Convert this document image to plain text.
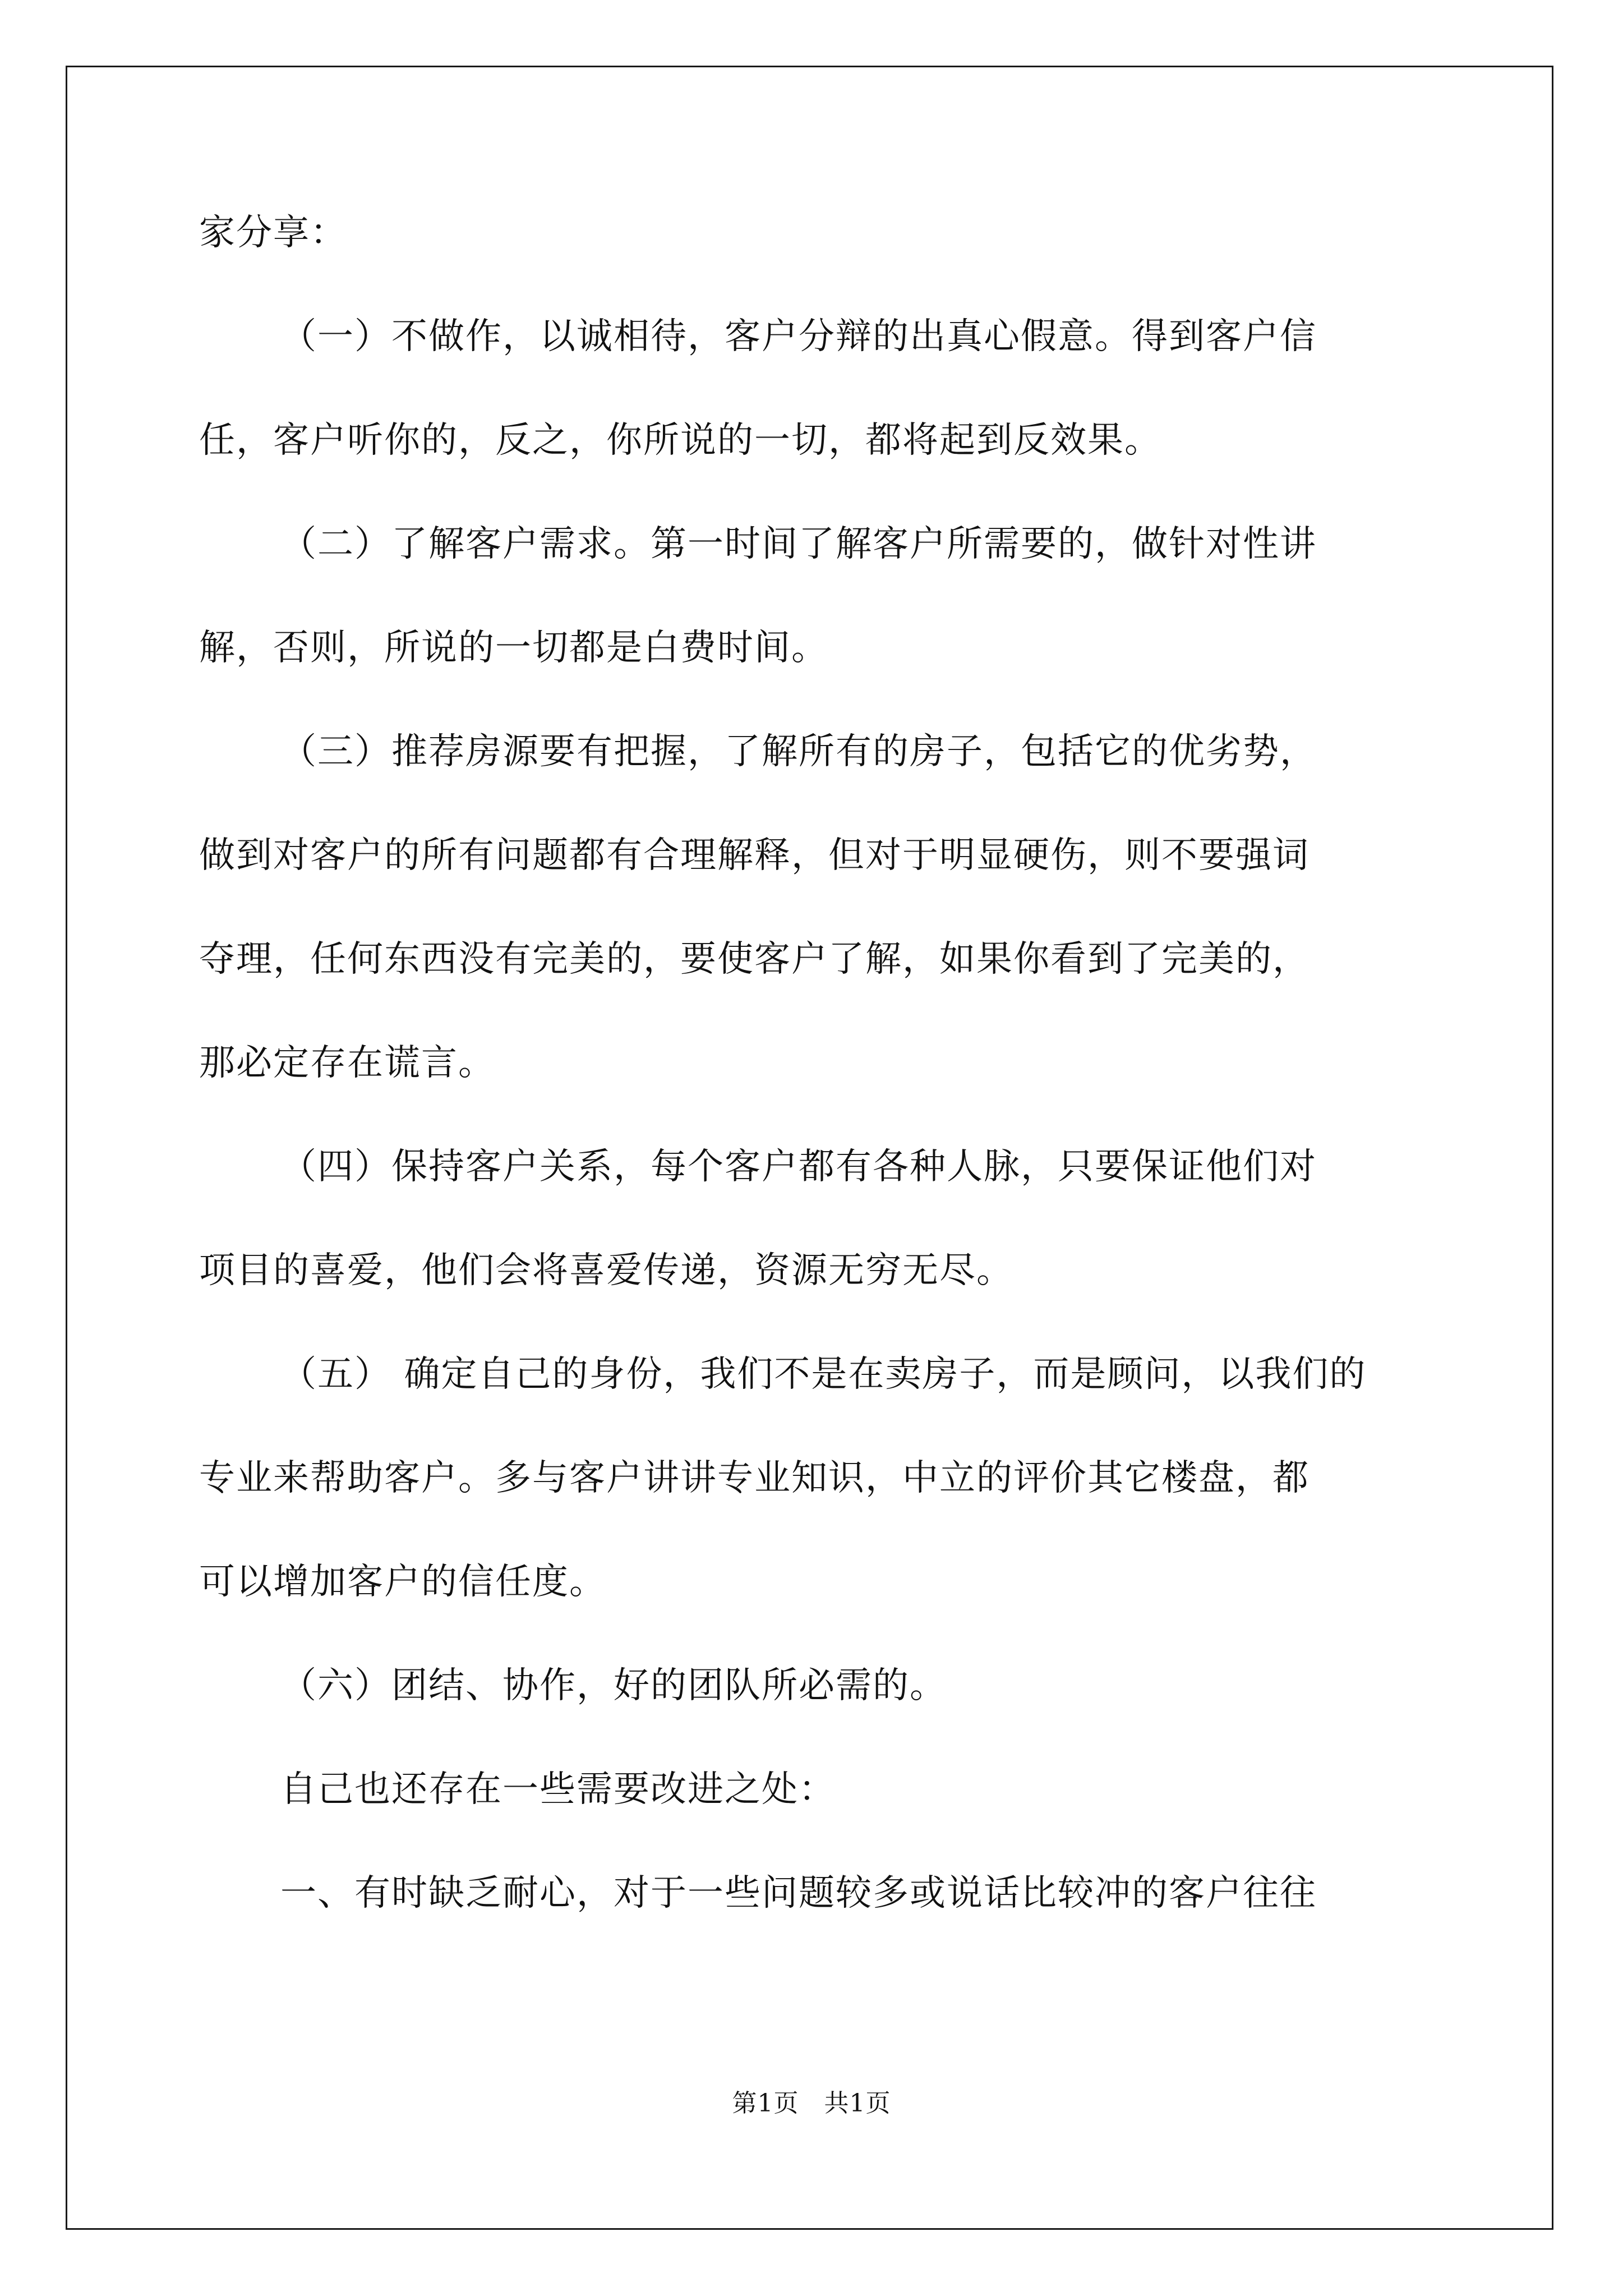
家分享：
（一）不做作，以诚相待，客户分辩的出真心假意。得到客户信
任，客户听你的，反之，你所说的一切，都将起到反效果。
（二）了解客户需求。第一时间了解客户所需要的，做针对性讲
解，否则，所说的一切都是白费时间。
（三）推荐房源要有把握，了解所有的房子，包括它的优劣势，
做到对客户的所有问题都有合理解释，但对于明显硬伤，则不要强词
夺理，任何东西没有完美的，要使客户了解，如果你看到了完美的，
那必定存在谎言。
（四）保持客户关系，每个客户都有各种人脉，只要保证他们对
项目的喜爱，他们会将喜爱传递，资源无穷无尽。
（五） 确定自己的身份，我们不是在卖房子，而是顾问，以我们的
专业来帮助客户。多与客户讲讲专业知识，中立的评价其它楼盘，都
可以增加客户的信任度。
（六）团结、协作，好的团队所必需的。
自己也还存在一些需要改进之处：
一、有时缺乏耐心，对于一些问题较多或说话比较冲的客户往往
第1页　共1页
